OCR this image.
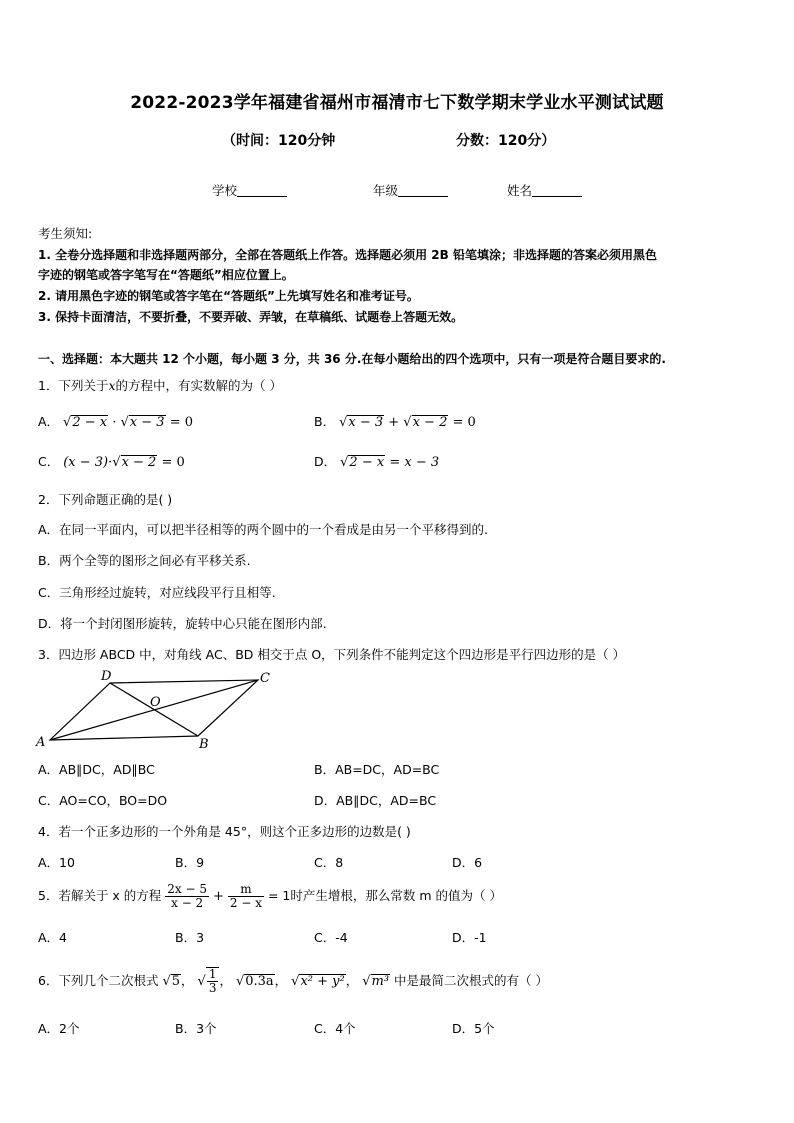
2022-2023学年福建省福州市福清市七下数学期末学业水平测试试题
（时间：120分钟	分数：120分）
学校	年级	姓名
考生须知:
1. 全卷分选择题和非选择题两部分，全部在答题纸上作答。选择题必须用 2B 铅笔填涂；非选择题的答案必须用黑色
字迹的钢笔或答字笔写在“答题纸”相应位置上。
2. 请用黑色字迹的钢笔或答字笔在“答题纸”上先填写姓名和准考证号。
3. 保持卡面清洁，不要折叠，不要弄破、弄皱，在草稿纸、试题卷上答题无效。
一、选择题：本大题共 12 个小题，每小题 3 分，共 36 分.在每小题给出的四个选项中，只有一项是符合题目要求的.
1．下列关于x的方程中，有实数解的为（ ）
A． √2 − x · √x − 3 = 0	B． √x − 3 + √x − 2 = 0
C． (x − 3)·√x − 2 = 0	D． √2 − x = x − 3
2．下列命题正确的是( )
A．在同一平面内，可以把半径相等的两个圆中的一个看成是由另一个平移得到的.
B．两个全等的图形之间必有平移关系.
C．三角形经过旋转，对应线段平行且相等.
D．将一个封闭图形旋转，旋转中心只能在图形内部.
3．四边形 ABCD 中，对角线 AC、BD 相交于点 O，下列条件不能判定这个四边形是平行四边形的是（ ）
D	C
O
A	B
A．AB∥DC，AD∥BC	B．AB=DC，AD=BC
C．AO=CO，BO=DO	D．AB∥DC，AD=BC
4．若一个正多边形的一个外角是 45°，则这个正多边形的边数是( )
A．10	B．9	C．8	D．6
5．若解关于 x 的方程 $\frac{2x - 5}{x - 2} + \frac{m}{2 - x} = 1$时产生增根，那么常数 m 的值为（ ）
A．4	B．3	C．-4	D．-1
6．下列几个二次根式 √5， √ $\frac{1}{3}$ ， √0.3a， √x² + y²， √m³ 中是最简二次根式的有（ ）
A．2个	B．3个	C．4个	D．5个
